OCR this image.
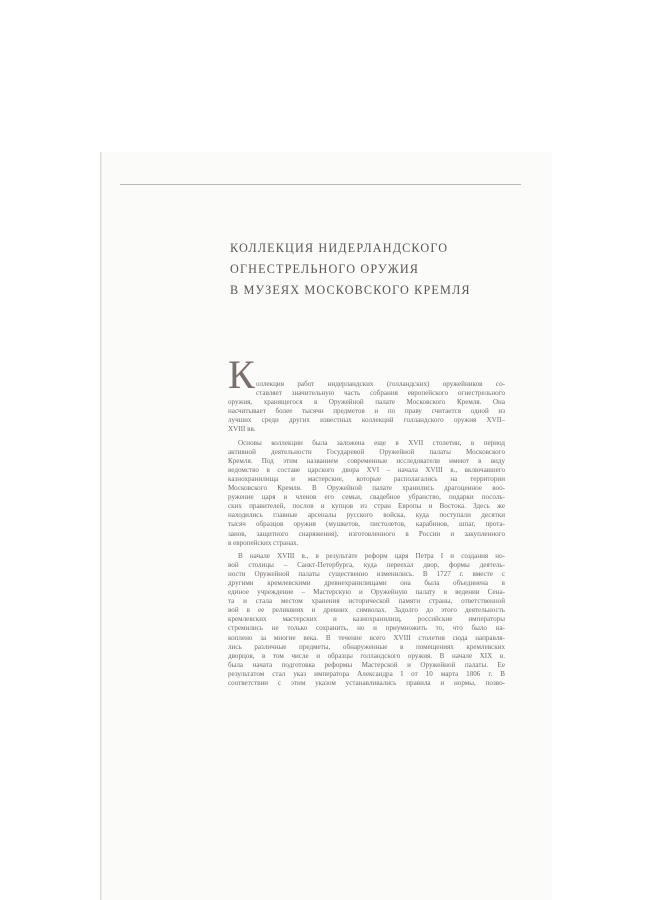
КОЛЛЕКЦИЯ НИДЕРЛАНДСКОГО
ОГНЕСТРЕЛЬНОГО ОРУЖИЯ
В МУЗЕЯХ МОСКОВСКОГО КРЕМЛЯ
К оллекция работ нидерландских (голландских) оружейников со-
ставляет значительную часть собрания европейского огнестрельного
оружия, хранящегося в Оружейной палате Московского Кремля. Она
насчитывает более тысячи предметов и по праву считается одной из
лучших среди других известных коллекций голландского оружия XVII–
XVIII вв.
Основы коллекции была заложена еще в XVII столетии, в период
активной деятельности Государевой Оружейной палаты Московского
Кремля. Под этим названием современные исследователи имеют в виду
ведомство в составе царского двора XVI – начала XVIII в., включавшего
казнохранилища и мастерские, которые располагались на территории
Московского Кремля. В Оружейной палате хранились драгоценное воо-
ружение царя и членов его семьи, свадебное убранство, подарки посоль-
ских правителей, послов и купцов из стран Европы и Востока. Здесь же
находились главные арсеналы русского войска, куда поступали десятки
тысяч образцов оружия (мушкетов, пистолетов, карабинов, шпаг, прота-
занов, защитного снаряжения), изготовленного в России и закупленного
в европейских странах.
В начале XVIII в., в результате реформ царя Петра I и создания но-
вой столицы – Санкт-Петербурга, куда переехал двор, формы деятель-
ности Оружейной палаты существенно изменились. В 1727 г. вместе с
другими кремлевскими древнехранилищами она была объединена в
единое учреждение – Мастерскую и Оружейную палату в ведении Сена-
та и стала местом хранения исторической памяти страны, ответственной
вой в ее реликвиях и древних символах. Задолго до этого деятельность
кремлевских мастерских и казнохранилищ, российские императоры
стремились не только сохранить, но и приумножить то, что было на-
коплено за многие века. В течение всего XVIII столетия сюда направля-
лись различные предметы, обнаруженные в помещениях кремлевских
дворцов, в том числе и образцы голландского оружия. В начале XIX в.
была начата подготовка реформы Мастерской и Оружейной палаты. Ее
результатом стал указ императора Александра I от 10 марта 1806 г. В
соответствии с этим указом устанавливались правила и нормы, позво-
